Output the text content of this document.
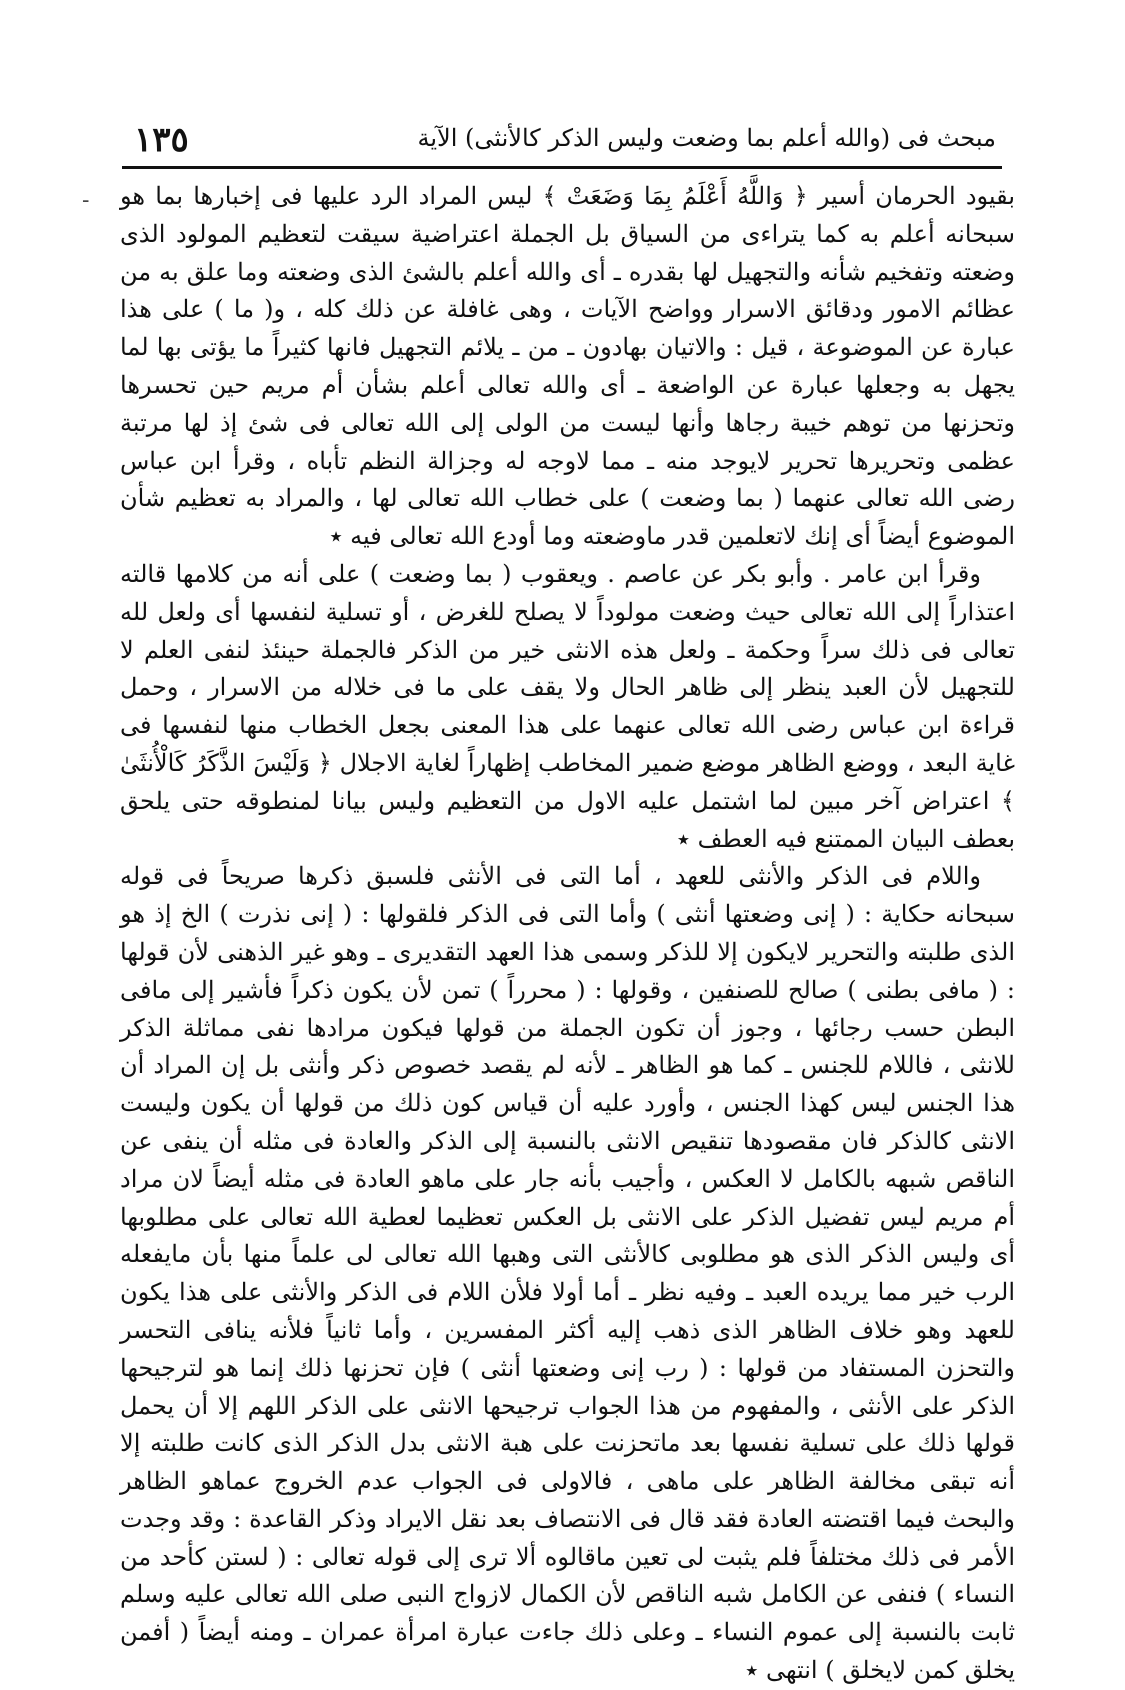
١٣٥	مبحث فى (والله أعلم بما وضعت وليس الذكر كالأنثى) الآية
- بقيود الحرمان أسير ﴿ وَاللَّهُ أَعْلَمُ بِمَا وَضَعَتْ ﴾ ليس المراد الرد عليها فى إخبارها بما هو سبحانه أعلم به كما يتراءى من السياق بل الجملة اعتراضية سيقت لتعظيم المولود الذى وضعته وتفخيم شأنه والتجهيل لها بقدره ـ أى والله أعلم بالشئ الذى وضعته وما علق به من عظائم الامور ودقائق الاسرار وواضح الآيات ، وهى غافلة عن ذلك كله ، و( ما ) على هذا عبارة عن الموضوعة ، قيل : والاتيان بهادون ـ من ـ يلائم التجهيل فانها كثيراً ما يؤتى بها لما يجهل به وجعلها عبارة عن الواضعة ـ أى والله تعالى أعلم بشأن أم مريم حين تحسرها وتحزنها من توهم خيبة رجاها وأنها ليست من الولى إلى الله تعالى فى شئ إذ لها مرتبة عظمى وتحريرها تحرير لايوجد منه ـ مما لاوجه له وجزالة النظم تأباه ، وقرأ ابن عباس رضى الله تعالى عنهما ( بما وضعت ) على خطاب الله تعالى لها ، والمراد به تعظيم شأن الموضوع أيضاً أى إنك لاتعلمين قدر ماوضعته وما أودع الله تعالى فيه ٭

وقرأ ابن عامر . وأبو بكر عن عاصم . ويعقوب ( بما وضعت ) على أنه من كلامها قالته اعتذاراً إلى الله تعالى حيث وضعت مولوداً لا يصلح للغرض ، أو تسلية لنفسها أى ولعل لله تعالى فى ذلك سراً وحكمة ـ ولعل هذه الانثى خير من الذكر فالجملة حينئذ لنفى العلم لا للتجهيل لأن العبد ينظر إلى ظاهر الحال ولا يقف على ما فى خلاله من الاسرار ، وحمل قراءة ابن عباس رضى الله تعالى عنهما على هذا المعنى بجعل الخطاب منها لنفسها فى غاية البعد ، ووضع الظاهر موضع ضمير المخاطب إظهاراً لغاية الاجلال ﴿ وَلَيْسَ الذَّكَرُ كَالْأُنثَىٰ ﴾ اعتراض آخر مبين لما اشتمل عليه الاول من التعظيم وليس بيانا لمنطوقه حتى يلحق بعطف البيان الممتنع فيه العطف ٭

واللام فى الذكر والأنثى للعهد ، أما التى فى الأنثى فلسبق ذكرها صريحاً فى قوله سبحانه حكاية : ( إنى وضعتها أنثى ) وأما التى فى الذكر فلقولها : ( إنى نذرت ) الخ إذ هو الذى طلبته والتحرير لايكون إلا للذكر وسمى هذا العهد التقديرى ـ وهو غير الذهنى لأن قولها : ( مافى بطنى ) صالح للصنفين ، وقولها : ( محرراً ) تمن لأن يكون ذكراً فأشير إلى مافى البطن حسب رجائها ، وجوز أن تكون الجملة من قولها فيكون مرادها نفى مماثلة الذكر للانثى ، فاللام للجنس ـ كما هو الظاهر ـ لأنه لم يقصد خصوص ذكر وأنثى بل إن المراد أن هذا الجنس ليس كهذا الجنس ، وأورد عليه أن قياس كون ذلك من قولها أن يكون وليست الانثى كالذكر فان مقصودها تنقيص الانثى بالنسبة إلى الذكر والعادة فى مثله أن ينفى عن الناقص شبهه بالكامل لا العكس ، وأجيب بأنه جار على ماهو العادة فى مثله أيضاً لان مراد أم مريم ليس تفضيل الذكر على الانثى بل العكس تعظيما لعطية الله تعالى على مطلوبها أى وليس الذكر الذى هو مطلوبى كالأنثى التى وهبها الله تعالى لى علماً منها بأن مايفعله الرب خير مما يريده العبد ـ وفيه نظر ـ أما أولا فلأن اللام فى الذكر والأنثى على هذا يكون للعهد وهو خلاف الظاهر الذى ذهب إليه أكثر المفسرين ، وأما ثانياً فلأنه ينافى التحسر والتحزن المستفاد من قولها : ( رب إنى وضعتها أنثى ) فإن تحزنها ذلك إنما هو لترجيحها الذكر على الأنثى ، والمفهوم من هذا الجواب ترجيحها الانثى على الذكر اللهم إلا أن يحمل قولها ذلك على تسلية نفسها بعد ماتحزنت على هبة الانثى بدل الذكر الذى كانت طلبته إلا أنه تبقى مخالفة الظاهر على ماهى ، فالاولى فى الجواب عدم الخروج عماهو الظاهر والبحث فيما اقتضته العادة فقد قال فى الانتصاف بعد نقل الايراد وذكر القاعدة : وقد وجدت الأمر فى ذلك مختلفاً فلم يثبت لى تعين ماقالوه ألا ترى إلى قوله تعالى : ( لستن كأحد من النساء ) فنفى عن الكامل شبه الناقص لأن الكمال لازواج النبى صلى الله تعالى عليه وسلم ثابت بالنسبة إلى عموم النساء ـ وعلى ذلك جاءت عبارة امرأة عمران ـ ومنه أيضاً ( أفمن يخلق كمن لايخلق ) انتهى ٭
